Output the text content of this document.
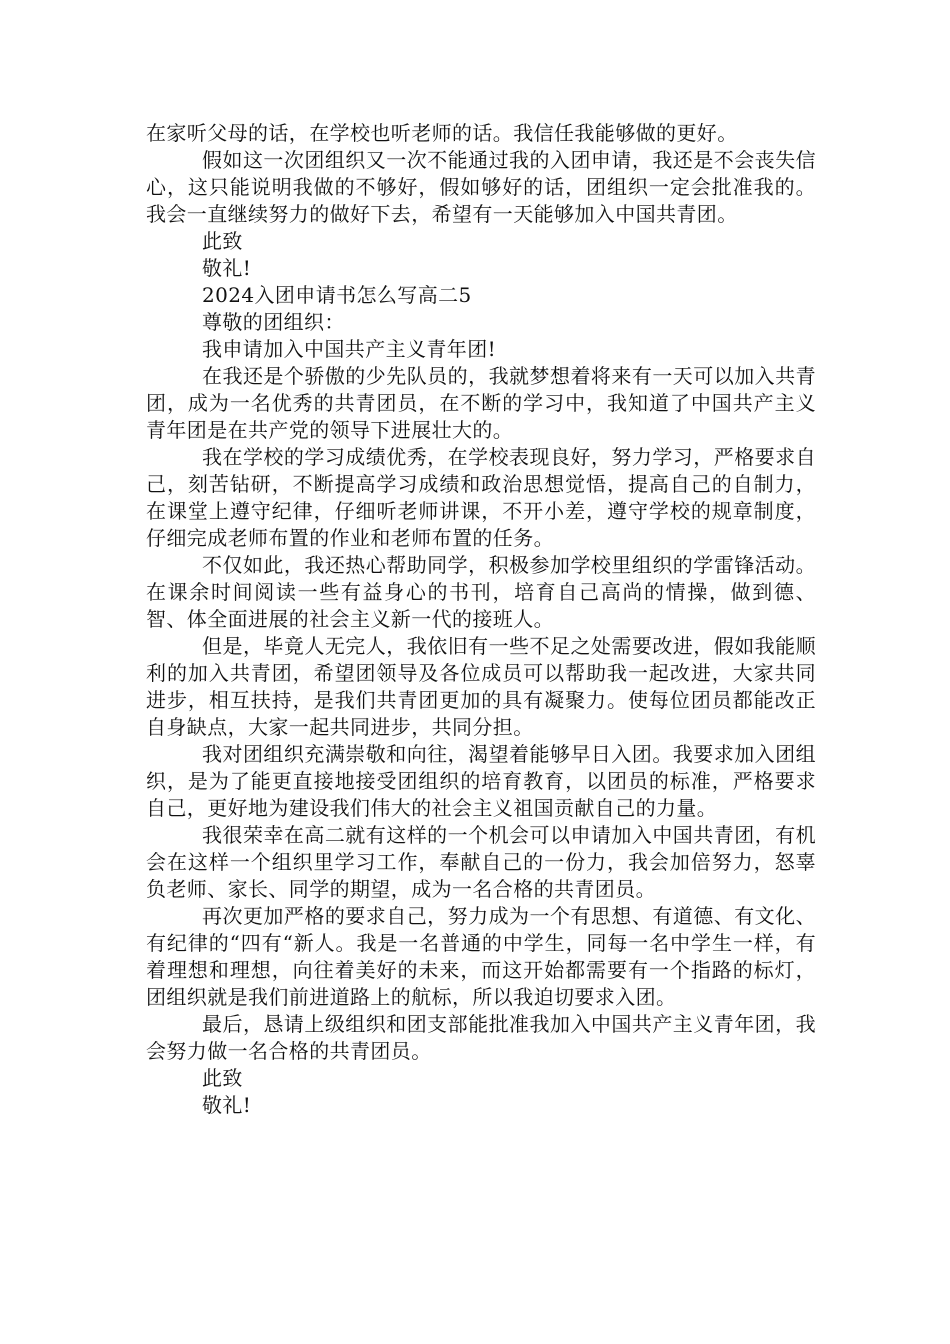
在家听父母的话，在学校也听老师的话。我信任我能够做的更好。

假如这一次团组织又一次不能通过我的入团申请，我还是不会丧失信心，这只能说明我做的不够好，假如够好的话，团组织一定会批准我的。我会一直继续努力的做好下去，希望有一天能够加入中国共青团。

此致

敬礼!

2024入团申请书怎么写高二5

尊敬的团组织：

我申请加入中国共产主义青年团!

在我还是个骄傲的少先队员的，我就梦想着将来有一天可以加入共青团，成为一名优秀的共青团员，在不断的学习中，我知道了中国共产主义青年团是在共产党的领导下进展壮大的。

我在学校的学习成绩优秀，在学校表现良好，努力学习，严格要求自己，刻苦钻研，不断提高学习成绩和政治思想觉悟，提高自己的自制力，在课堂上遵守纪律，仔细听老师讲课，不开小差，遵守学校的规章制度，仔细完成老师布置的作业和老师布置的任务。

不仅如此，我还热心帮助同学，积极参加学校里组织的学雷锋活动。在课余时间阅读一些有益身心的书刊，培育自己高尚的情操，做到德、智、体全面进展的社会主义新一代的接班人。

但是，毕竟人无完人，我依旧有一些不足之处需要改进，假如我能顺利的加入共青团，希望团领导及各位成员可以帮助我一起改进，大家共同进步，相互扶持，是我们共青团更加的具有凝聚力。使每位团员都能改正自身缺点，大家一起共同进步，共同分担。

我对团组织充满崇敬和向往，渴望着能够早日入团。我要求加入团组织，是为了能更直接地接受团组织的培育教育，以团员的标准，严格要求自己，更好地为建设我们伟大的社会主义祖国贡献自己的力量。

我很荣幸在高二就有这样的一个机会可以申请加入中国共青团，有机会在这样一个组织里学习工作，奉献自己的一份力，我会加倍努力，怒辜负老师、家长、同学的期望，成为一名合格的共青团员。

再次更加严格的要求自己，努力成为一个有思想、有道德、有文化、有纪律的“四有“新人。我是一名普通的中学生，同每一名中学生一样，有着理想和理想，向往着美好的未来，而这开始都需要有一个指路的标灯，团组织就是我们前进道路上的航标，所以我迫切要求入团。

最后，恳请上级组织和团支部能批准我加入中国共产主义青年团，我会努力做一名合格的共青团员。

此致

敬礼!
